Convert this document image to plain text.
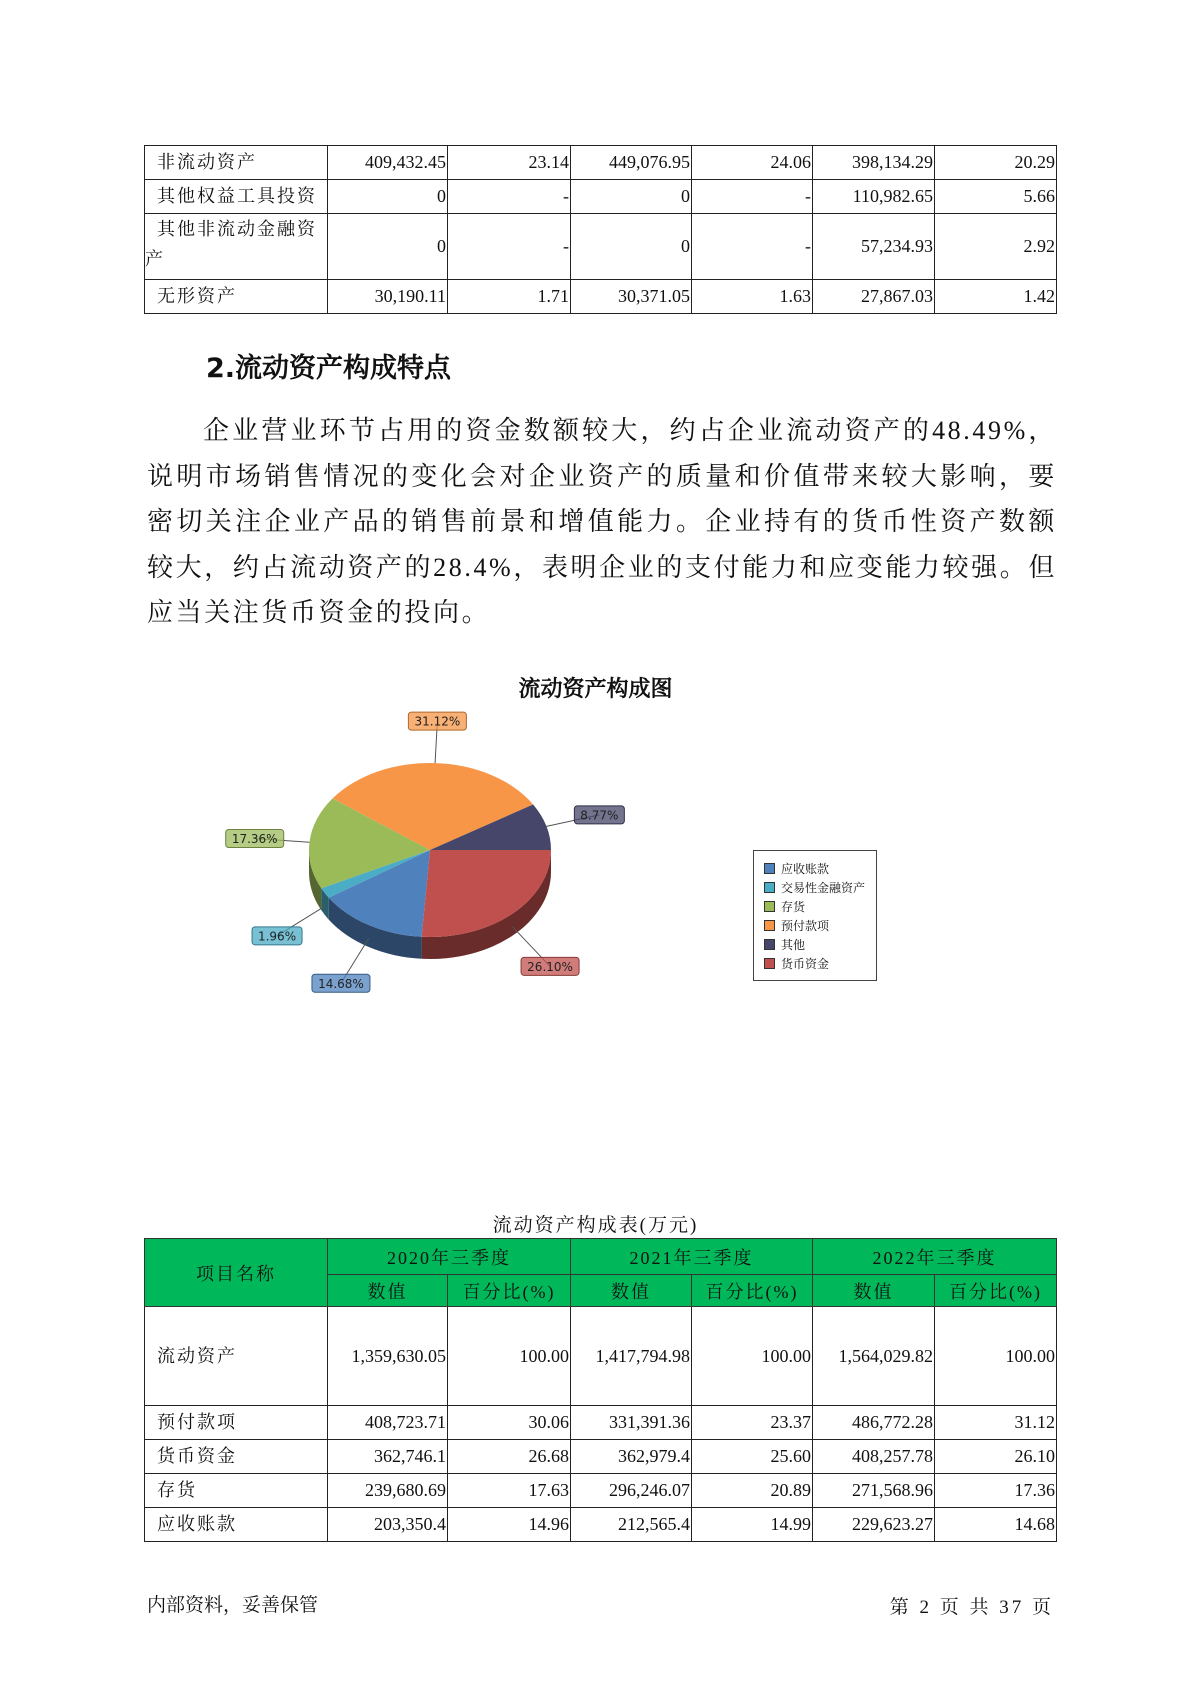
非流动资产	409,432.45	23.14	449,076.95	24.06	398,134.29	20.29
其他权益工具投资	0	-	0	-	110,982.65	5.66
其他非流动金融资产	0	-	0	-	57,234.93	2.92
无形资产	30,190.11	1.71	30,371.05	1.63	27,867.03	1.42
2.流动资产构成特点
企业营业环节占用的资金数额较大，约占企业流动资产的48.49%，说明市场销售情况的变化会对企业资产的质量和价值带来较大影响，要密切关注企业产品的销售前景和增值能力。企业持有的货币性资产数额较大，约占流动资产的28.4%，表明企业的支付能力和应变能力较强。但应当关注货币资金的投向。
流动资产构成图
26.10%
14.68%
1.96%
17.36%
31.12%
8.77%
应收账款
交易性金融资产
存货
预付款项
其他
货币资金
流动资产构成表(万元)
项目名称	2020年三季度		2021年三季度		2022年三季度	
	数值	百分比(%)	数值	百分比(%)	数值	百分比(%)
流动资产	1,359,630.05	100.00	1,417,794.98	100.00	1,564,029.82	100.00
预付款项	408,723.71	30.06	331,391.36	23.37	486,772.28	31.12
货币资金	362,746.1	26.68	362,979.4	25.60	408,257.78	26.10
存货	239,680.69	17.63	296,246.07	20.89	271,568.96	17.36
应收账款	203,350.4	14.96	212,565.4	14.99	229,623.27	14.68
内部资料，妥善保管	第 2 页 共 37 页
